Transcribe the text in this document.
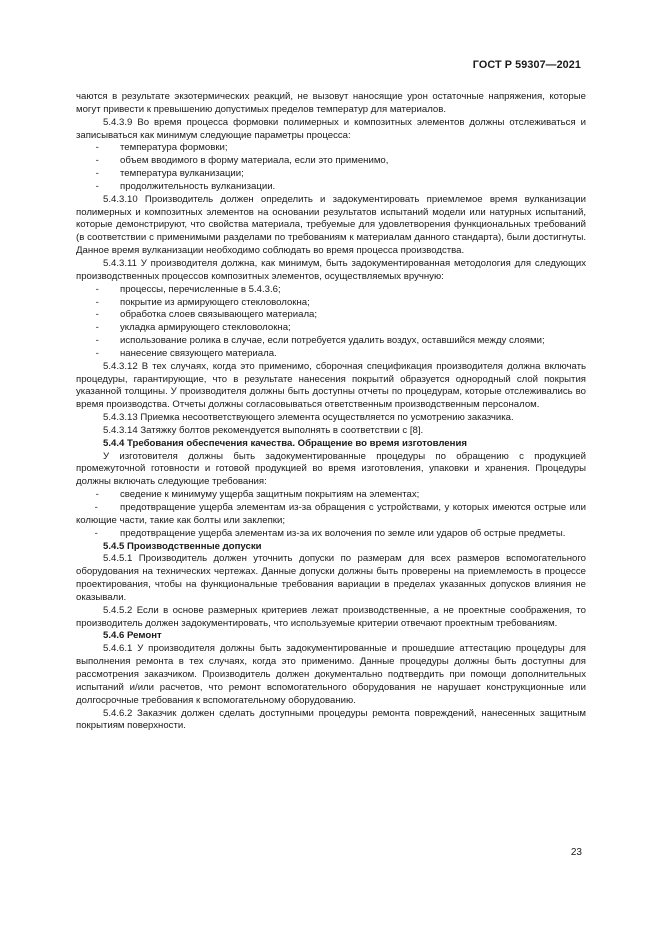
ГОСТ Р 59307—2021

чаются в результате экзотермических реакций, не вызовут наносящие урон остаточные напряжения, которые могут привести к превышению допустимых пределов температур для материалов.

5.4.3.9 Во время процесса формовки полимерных и композитных элементов должны отслеживаться и записываться как минимум следующие параметры процесса:

- температура формовки;

- объем вводимого в форму материала, если это применимо,

- температура вулканизации;

- продолжительность вулканизации.

5.4.3.10 Производитель должен определить и задокументировать приемлемое время вулканизации полимерных и композитных элементов на основании результатов испытаний модели или натурных испытаний, которые демонстрируют, что свойства материала, требуемые для удовлетворения функциональных требований (в соответствии с применимыми разделами по требованиям к материалам данного стандарта), были достигнуты. Данное время вулканизации необходимо соблюдать во время процесса производства.

5.4.3.11 У производителя должна, как минимум, быть задокументированная методология для следующих производственных процессов композитных элементов, осуществляемых вручную:

- процессы, перечисленные в 5.4.3.6;

- покрытие из армирующего стекловолокна;

- обработка слоев связывающего материала;

- укладка армирующего стекловолокна;

- использование ролика в случае, если потребуется удалить воздух, оставшийся между слоями;

- нанесение связующего материала.

5.4.3.12 В тех случаях, когда это применимо, сборочная спецификация производителя должна включать процедуры, гарантирующие, что в результате нанесения покрытий образуется однородный слой покрытия указанной толщины. У производителя должны быть доступны отчеты по процедурам, которые отслеживались во время производства. Отчеты должны согласовываться ответственным производственным персоналом.

5.4.3.13 Приемка несоответствующего элемента осуществляется по усмотрению заказчика.

5.4.3.14 Затяжку болтов рекомендуется выполнять в соответствии с [8].

5.4.4 Требования обеспечения качества. Обращение во время изготовления

У изготовителя должны быть задокументированные процедуры по обращению с продукцией промежуточной готовности и готовой продукцией во время изготовления, упаковки и хранения. Процедуры должны включать следующие требования:

- сведение к минимуму ущерба защитным покрытиям на элементах;

- предотвращение ущерба элементам из-за обращения с устройствами, у которых имеются острые или колющие части, такие как болты или заклепки;

- предотвращение ущерба элементам из-за их волочения по земле или ударов об острые предметы.

5.4.5 Производственные допуски

5.4.5.1 Производитель должен уточнить допуски по размерам для всех размеров вспомогательного оборудования на технических чертежах. Данные допуски должны быть проверены на приемлемость в процессе проектирования, чтобы на функциональные требования вариации в пределах указанных допусков влияния не оказывали.

5.4.5.2 Если в основе размерных критериев лежат производственные, а не проектные соображения, то производитель должен задокументировать, что используемые критерии отвечают проектным требованиям.

5.4.6 Ремонт

5.4.6.1 У производителя должны быть задокументированные и прошедшие аттестацию процедуры для выполнения ремонта в тех случаях, когда это применимо. Данные процедуры должны быть доступны для рассмотрения заказчиком. Производитель должен документально подтвердить при помощи дополнительных испытаний и/или расчетов, что ремонт вспомогательного оборудования не нарушает конструкционные или долгосрочные требования к вспомогательному оборудованию.

5.4.6.2 Заказчик должен сделать доступными процедуры ремонта повреждений, нанесенных защитным покрытиям поверхности.

23
